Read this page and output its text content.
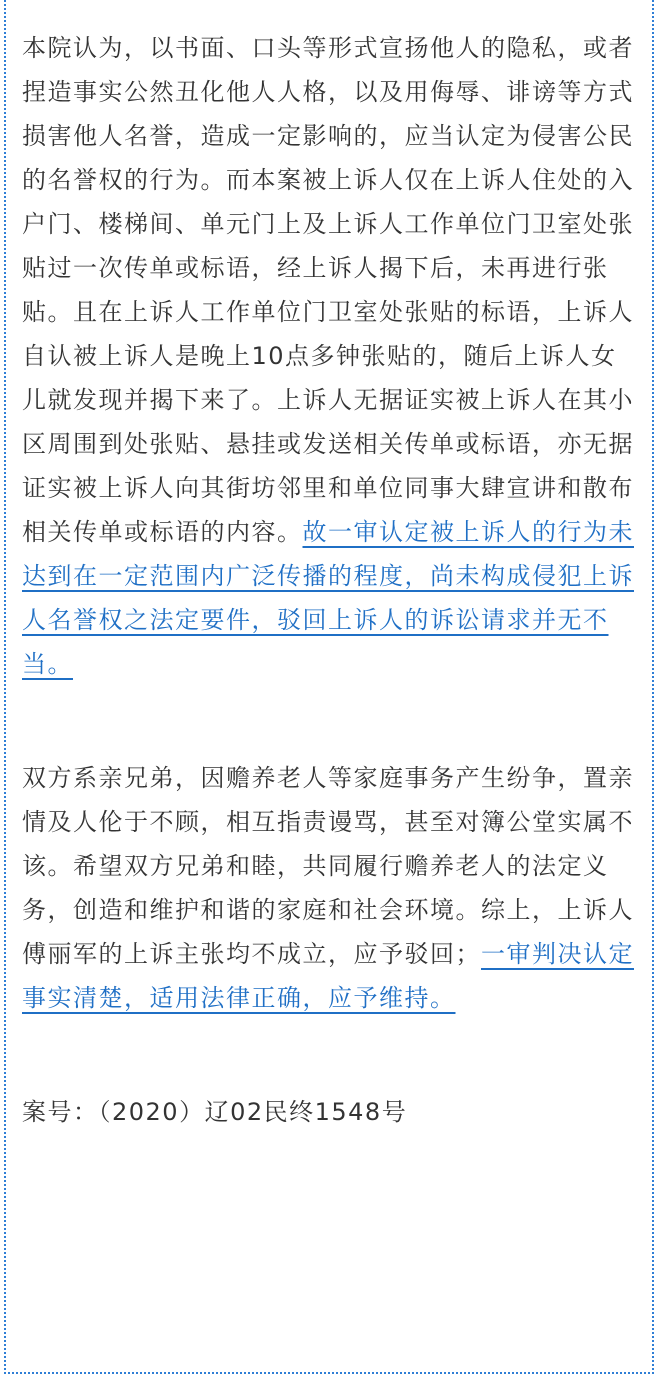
本院认为，以书面、口头等形式宣扬他人的隐私，或者捏造事实公然丑化他人人格，以及用侮辱、诽谤等方式损害他人名誉，造成一定影响的，应当认定为侵害公民的名誉权的行为。而本案被上诉人仅在上诉人住处的入户门、楼梯间、单元门上及上诉人工作单位门卫室处张贴过一次传单或标语，经上诉人揭下后，未再进行张贴。且在上诉人工作单位门卫室处张贴的标语，上诉人自认被上诉人是晚上10点多钟张贴的，随后上诉人女儿就发现并揭下来了。上诉人无据证实被上诉人在其小区周围到处张贴、悬挂或发送相关传单或标语，亦无据证实被上诉人向其街坊邻里和单位同事大肆宣讲和散布相关传单或标语的内容。故一审认定被上诉人的行为未达到在一定范围内广泛传播的程度，尚未构成侵犯上诉人名誉权之法定要件，驳回上诉人的诉讼请求并无不当。

双方系亲兄弟，因赡养老人等家庭事务产生纷争，置亲情及人伦于不顾，相互指责谩骂，甚至对簿公堂实属不该。希望双方兄弟和睦，共同履行赡养老人的法定义务，创造和维护和谐的家庭和社会环境。综上，上诉人傅丽军的上诉主张均不成立，应予驳回；一审判决认定事实清楚，适用法律正确，应予维持。

案号：（2020）辽02民终1548号
